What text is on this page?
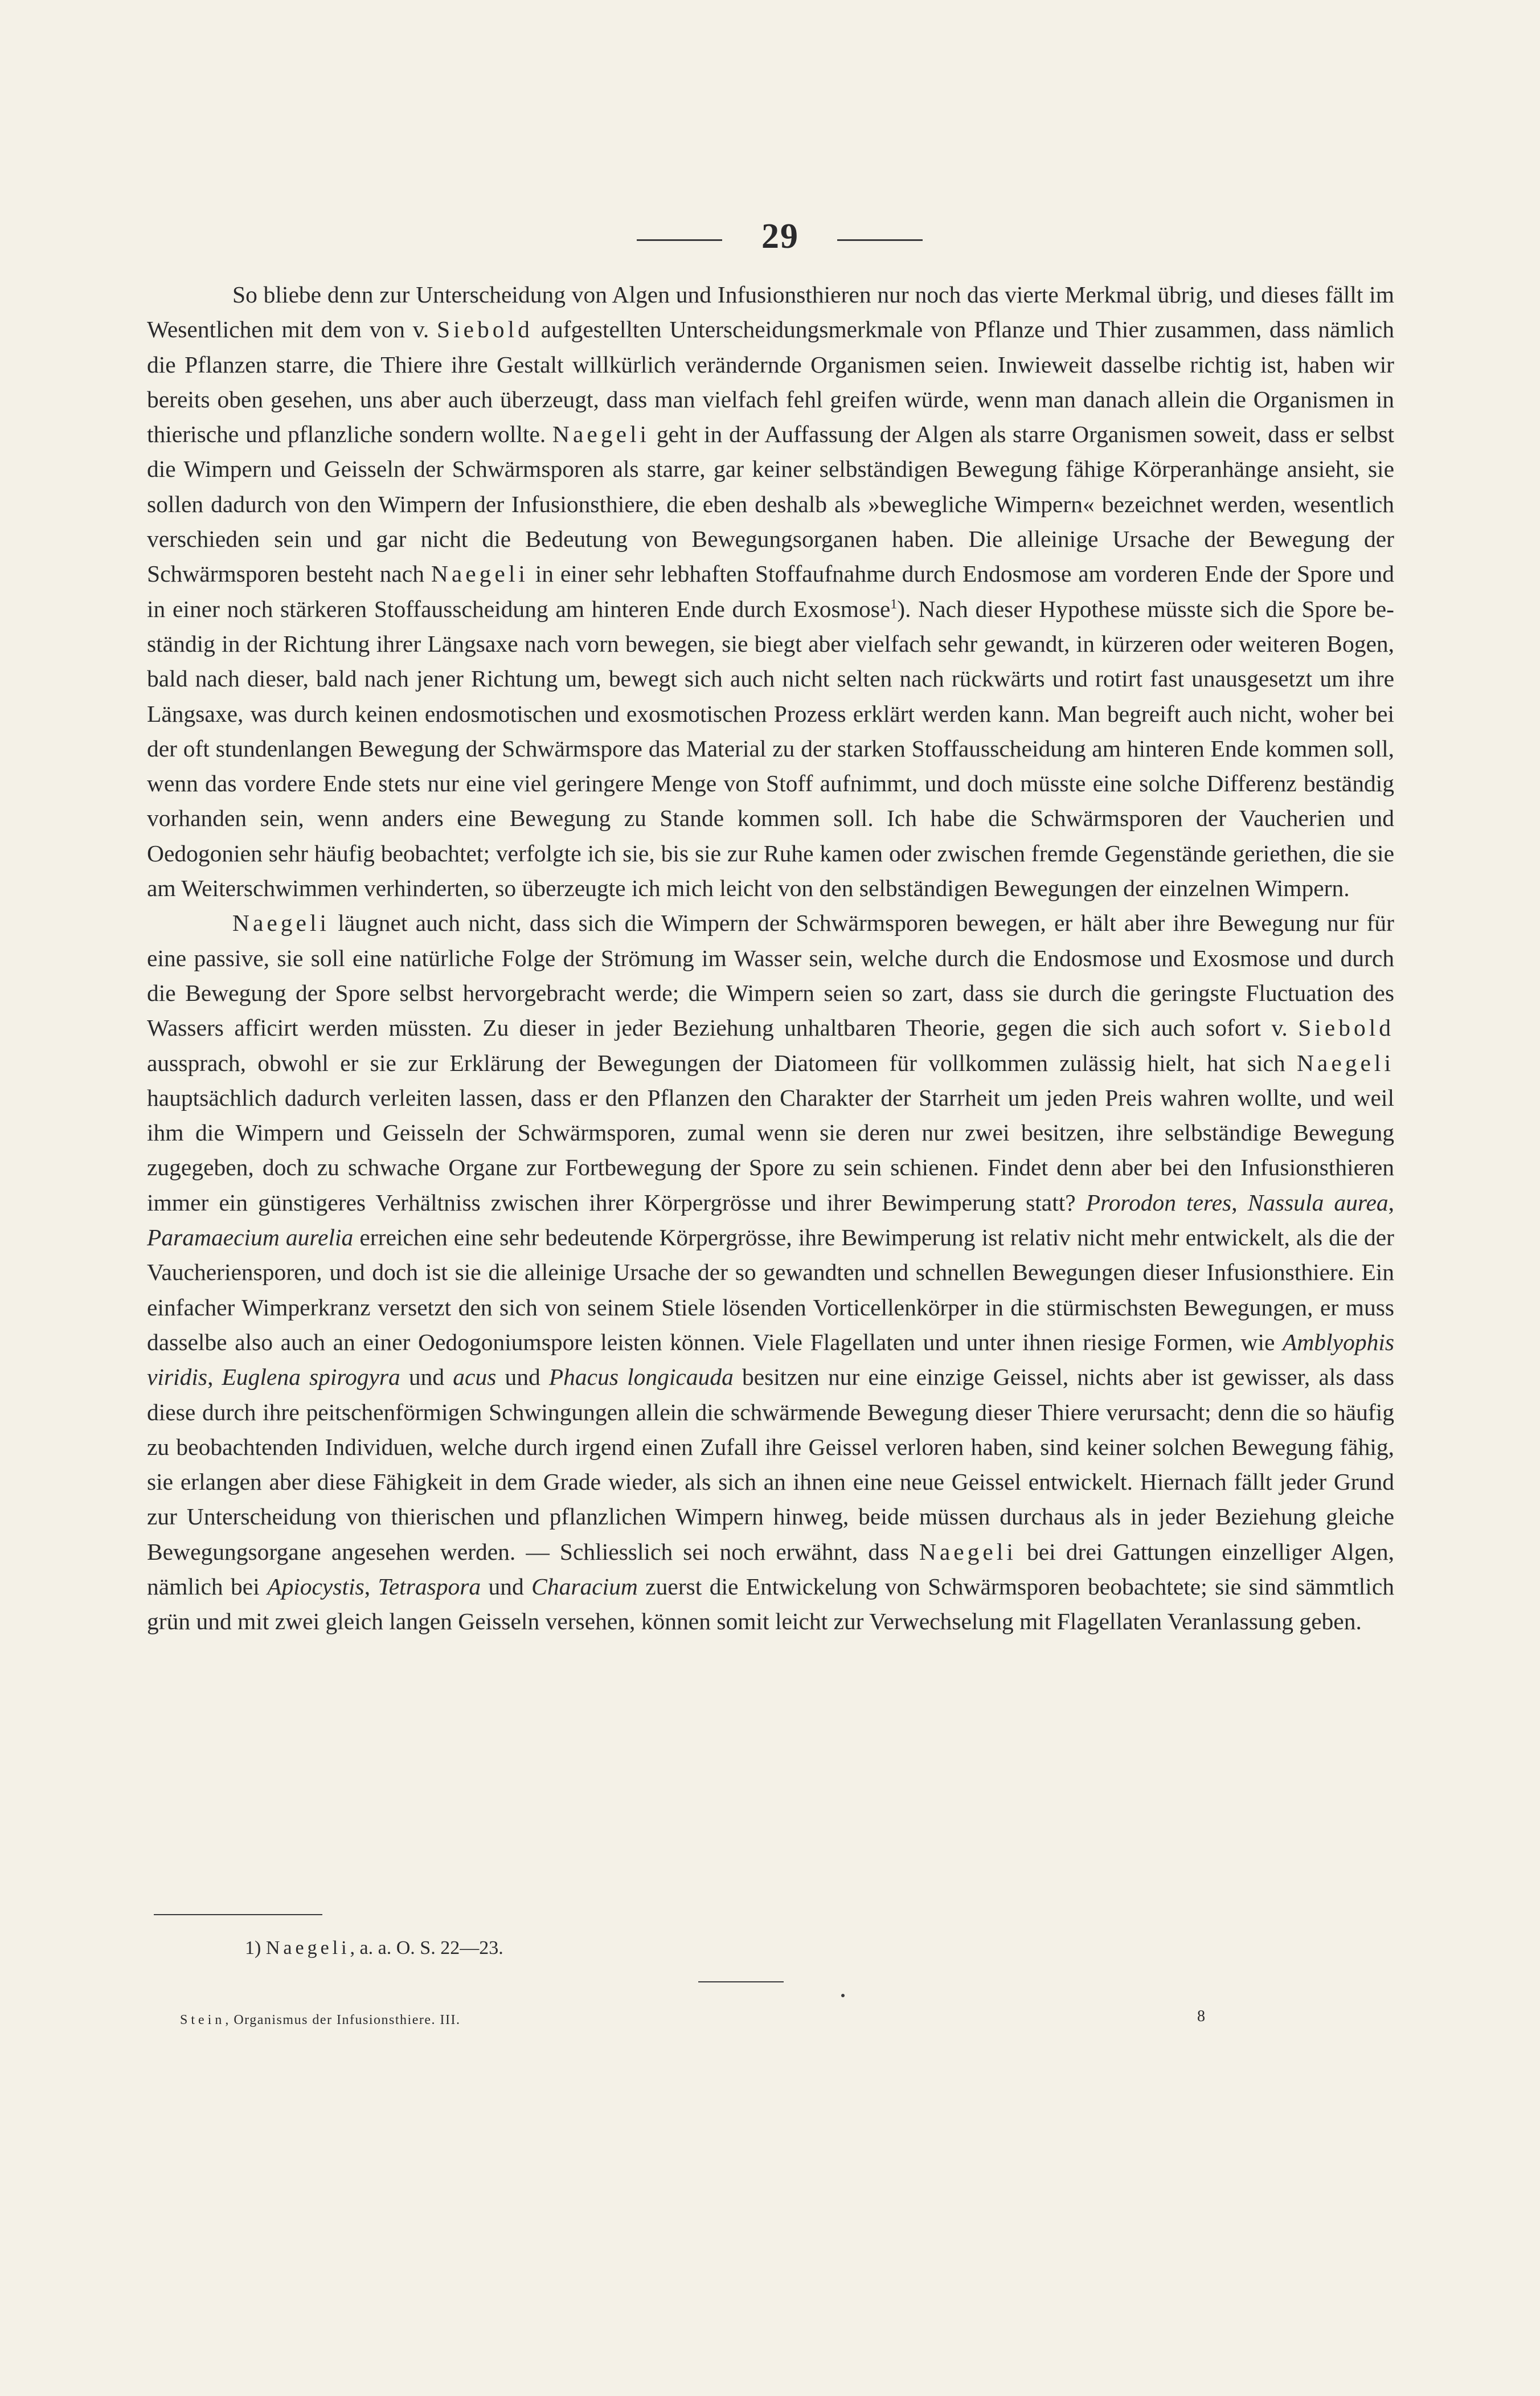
29

So bliebe denn zur Unterscheidung von Algen und Infusionsthieren nur noch das vierte Merkmal übrig, und dieses fällt im Wesentlichen mit dem von v. Siebold aufgestellten Unterscheidungsmerkmale von Pflanze und Thier zusammen, dass nämlich die Pflanzen starre, die Thiere ihre Gestalt willkürlich verändernde Organismen seien. Inwieweit dasselbe richtig ist, haben wir bereits oben gesehen, uns aber auch überzeugt, dass man vielfach fehl greifen würde, wenn man danach allein die Organismen in thierische und pflanzliche sondern wollte. Naegeli geht in der Auffassung der Algen als starre Organismen soweit, dass er selbst die Wimpern und Geisseln der Schwärmsporen als starre, gar keiner selbständigen Bewegung fähige Körperanhänge ansieht, sie sollen dadurch von den Wimpern der Infusionsthiere, die eben deshalb als »bewegliche Wimpern« bezeichnet werden, wesentlich verschieden sein und gar nicht die Bedeutung von Bewegungsorganen haben. Die alleinige Ursache der Bewegung der Schwärmsporen besteht nach Naegeli in einer sehr lebhaften Stoffaufnahme durch Endosmose am vorderen Ende der Spore und in einer noch stärkeren Stoffausscheidung am hinteren Ende durch Exosmose$^1$). Nach dieser Hypothese müsste sich die Spore beständig in der Richtung ihrer Längsaxe nach vorn bewegen, sie biegt aber vielfach sehr gewandt, in kürzeren oder weiteren Bogen, bald nach dieser, bald nach jener Richtung um, bewegt sich auch nicht selten nach rückwärts und rotirt fast unausgesetzt um ihre Längsaxe, was durch keinen endosmotischen und exosmotischen Prozess erklärt werden kann. Man begreift auch nicht, woher bei der oft stundenlangen Bewegung der Schwärmspore das Material zu der starken Stoffausscheidung am hinteren Ende kommen soll, wenn das vordere Ende stets nur eine viel geringere Menge von Stoff aufnimmt, und doch müsste eine solche Differenz beständig vorhanden sein, wenn anders eine Bewegung zu Stande kommen soll. Ich habe die Schwärmsporen der Vaucherien und Oedogonien sehr häufig beobachtet; verfolgte ich sie, bis sie zur Ruhe kamen oder zwischen fremde Gegenstände geriethen, die sie am Weiterschwimmen verhinderten, so überzeugte ich mich leicht von den selbständigen Bewegungen der einzelnen Wimpern.

Naegeli läugnet auch nicht, dass sich die Wimpern der Schwärmsporen bewegen, er hält aber ihre Bewegung nur für eine passive, sie soll eine natürliche Folge der Strömung im Wasser sein, welche durch die Endosmose und Exosmose und durch die Bewegung der Spore selbst hervorgebracht werde; die Wimpern seien so zart, dass sie durch die geringste Fluctuation des Wassers afficirt werden müssten. Zu dieser in jeder Beziehung unhaltbaren Theorie, gegen die sich auch sofort v. Siebold aussprach, obwohl er sie zur Erklärung der Bewegungen der Diatomeen für vollkommen zulässig hielt, hat sich Naegeli hauptsächlich dadurch verleiten lassen, dass er den Pflanzen den Charakter der Starrheit um jeden Preis wahren wollte, und weil ihm die Wimpern und Geisseln der Schwärmsporen, zumal wenn sie deren nur zwei besitzen, ihre selbständige Bewegung zugegeben, doch zu schwache Organe zur Fortbewegung der Spore zu sein schienen. Findet denn aber bei den Infusionsthieren immer ein günstigeres Verhältniss zwischen ihrer Körpergrösse und ihrer Bewimperung statt? Prorodon teres, Nassula aurea, Paramaecium aurelia erreichen eine sehr bedeutende Körpergrösse, ihre Bewimperung ist relativ nicht mehr entwickelt, als die der Vaucheriensporen, und doch ist sie die alleinige Ursache der so gewandten und schnellen Bewegungen dieser Infusionsthiere. Ein einfacher Wimperkranz versetzt den sich von seinem Stiele lösenden Vorticellenkörper in die stürmischsten Bewegungen, er muss dasselbe also auch an einer Oedogoniumspore leisten können. Viele Flagellaten und unter ihnen riesige Formen, wie Amblyophis viridis, Euglena spirogyra und acus und Phacus longicauda besitzen nur eine einzige Geissel, nichts aber ist gewisser, als dass diese durch ihre peitschenförmigen Schwingungen allein die schwärmende Bewegung dieser Thiere verursacht; denn die so häufig zu beobachtenden Individuen, welche durch irgend einen Zufall ihre Geissel verloren haben, sind keiner solchen Bewegung fähig, sie erlangen aber diese Fähigkeit in dem Grade wieder, als sich an ihnen eine neue Geissel entwickelt. Hiernach fällt jeder Grund zur Unterscheidung von thierischen und pflanzlichen Wimpern hinweg, beide müssen durchaus als in jeder Beziehung gleiche Bewegungsorgane angesehen werden. — Schliesslich sei noch erwähnt, dass Naegeli bei drei Gattungen einzelliger Algen, nämlich bei Apiocystis, Tetraspora und Characium zuerst die Entwickelung von Schwärmsporen beobachtete; sie sind sämmtlich grün und mit zwei gleich langen Geisseln versehen, können somit leicht zur Verwechselung mit Flagellaten Veranlassung geben.

1) Naegeli, a. a. O. S. 22—23.
Stein, Organismus der Infusionsthiere. III.	8
